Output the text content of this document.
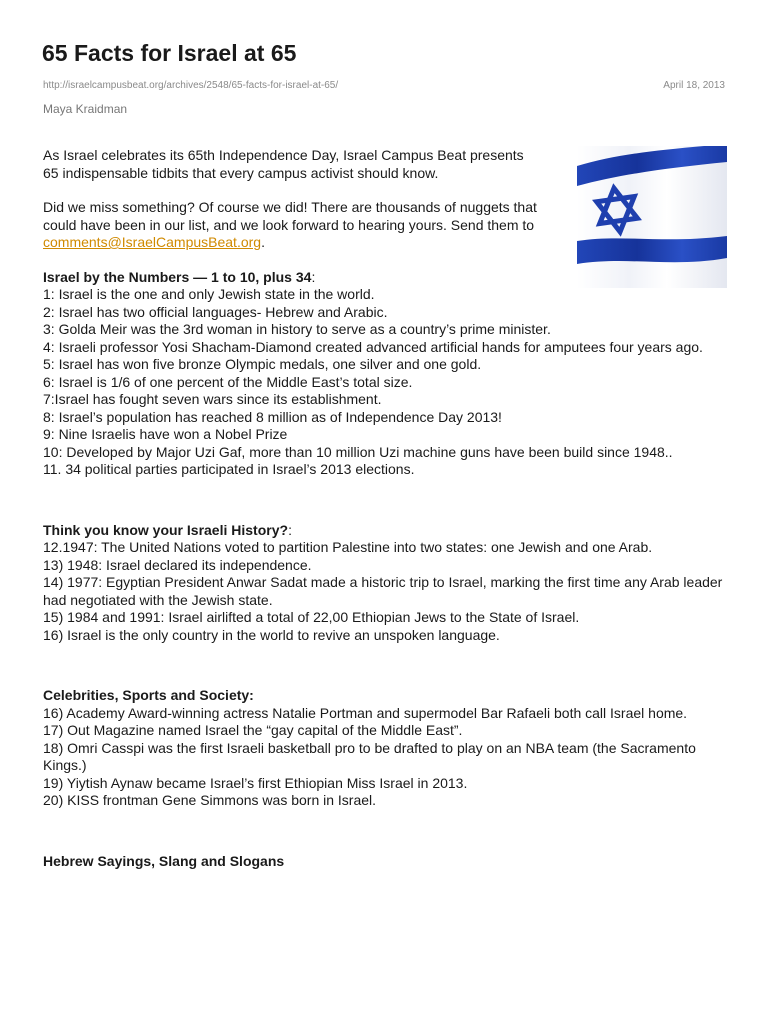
65 Facts for Israel at 65
http://israelcampusbeat.org/archives/2548/65-facts-for-israel-at-65/	April 18, 2013
Maya Kraidman

As Israel celebrates its 65th Independence Day, Israel Campus Beat presents 65 indispensable tidbits that every campus activist should know.

Did we miss something? Of course we did! There are thousands of nuggets that could have been in our list, and we look forward to hearing yours. Send them to comments@IsraelCampusBeat.org.

Israel by the Numbers — 1 to 10, plus 34:

1: Israel is the one and only Jewish state in the world.

2: Israel has two official languages- Hebrew and Arabic.

3: Golda Meir was the 3rd woman in history to serve as a country’s prime minister.

4: Israeli professor Yosi Shacham-Diamond created advanced artificial hands for amputees four years ago.

5: Israel has won five bronze Olympic medals, one silver and one gold.

6: Israel is 1/6 of one percent of the Middle East’s total size.

7:Israel has fought seven wars since its establishment.

8: Israel’s population has reached 8 million as of Independence Day 2013!

9: Nine Israelis have won a Nobel Prize

10: Developed by Major Uzi Gaf, more than 10 million Uzi machine guns have been build since 1948..

11. 34 political parties participated in Israel’s 2013 elections.

Think you know your Israeli History?:

12.1947: The United Nations voted to partition Palestine into two states: one Jewish and one Arab.

13) 1948: Israel declared its independence.

14) 1977: Egyptian President Anwar Sadat made a historic trip to Israel, marking the first time any Arab leader had negotiated with the Jewish state.

15) 1984 and 1991: Israel airlifted a total of 22,00 Ethiopian Jews to the State of Israel.

16) Israel is the only country in the world to revive an unspoken language.

Celebrities, Sports and Society:

16) Academy Award-winning actress Natalie Portman and supermodel Bar Rafaeli both call Israel home.

17) Out Magazine named Israel the “gay capital of the Middle East”.

18) Omri Casspi was the first Israeli basketball pro to be drafted to play on an NBA team (the Sacramento Kings.)

19) Yiytish Aynaw became Israel’s first Ethiopian Miss Israel in 2013.

20) KISS frontman Gene Simmons was born in Israel.

Hebrew Sayings, Slang and Slogans
